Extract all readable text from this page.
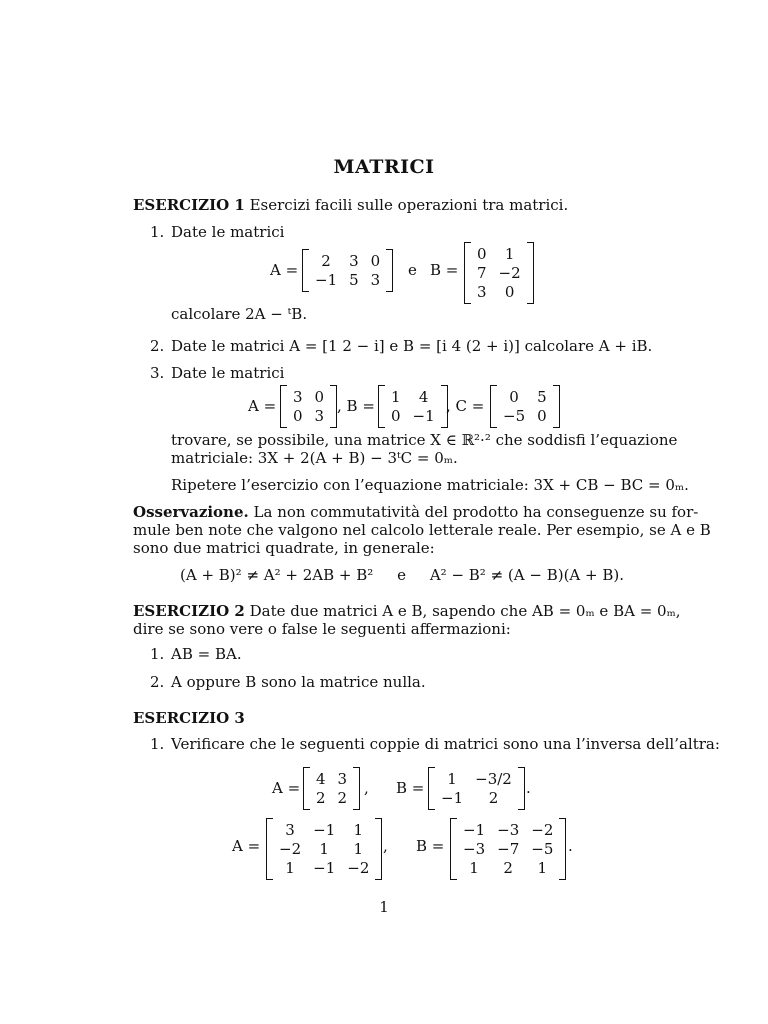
MATRICI
ESERCIZIO 1 Esercizi facili sulle operazioni tra matrici.
1. Date le matrici
A =	2	3 0
−1 5 3
e B =
0	1
7 −2
3	0
calcolare 2A − ᵗB.
2. Date le matrici A = [1 2 − i] e B = [i 4 (2 + i)] calcolare A + iB.
3. Date le matrici
A = 3 0
0 3
, B = 1	4
0 −1
, C =	0	5
−5 0
trovare, se possibile, una matrice X ∈ ℝ²·² che soddisfi l’equazione
matriciale: 3X + 2(A + B) − 3ᵗC = 0ₘ.
Ripetere l’esercizio con l’equazione matriciale: 3X + CB − BC = 0ₘ.
Osservazione. La non commutatività del prodotto ha conseguenze su for-
mule ben note che valgono nel calcolo letterale reale. Per esempio, se A e B
sono due matrici quadrate, in generale:
(A + B)² ≠ A² + 2AB + B²     e     A² − B² ≠ (A − B)(A + B).
ESERCIZIO 2 Date due matrici A e B, sapendo che AB = 0ₘ e BA = 0ₘ,
dire se sono vere o false le seguenti affermazioni:
1. AB = BA.
2. A oppure B sono la matrice nulla.
ESERCIZIO 3
1. Verificare che le seguenti coppie di matrici sono una l’inversa dell’altra:
A = 4 3
2 2
, B =	1	−3/2
−1	2
.
A =
3	−1	1
−2	1	1
1	−1 −2
, B =
−1 −3 −2
−3 −7 −5
1	2	1
.
1
